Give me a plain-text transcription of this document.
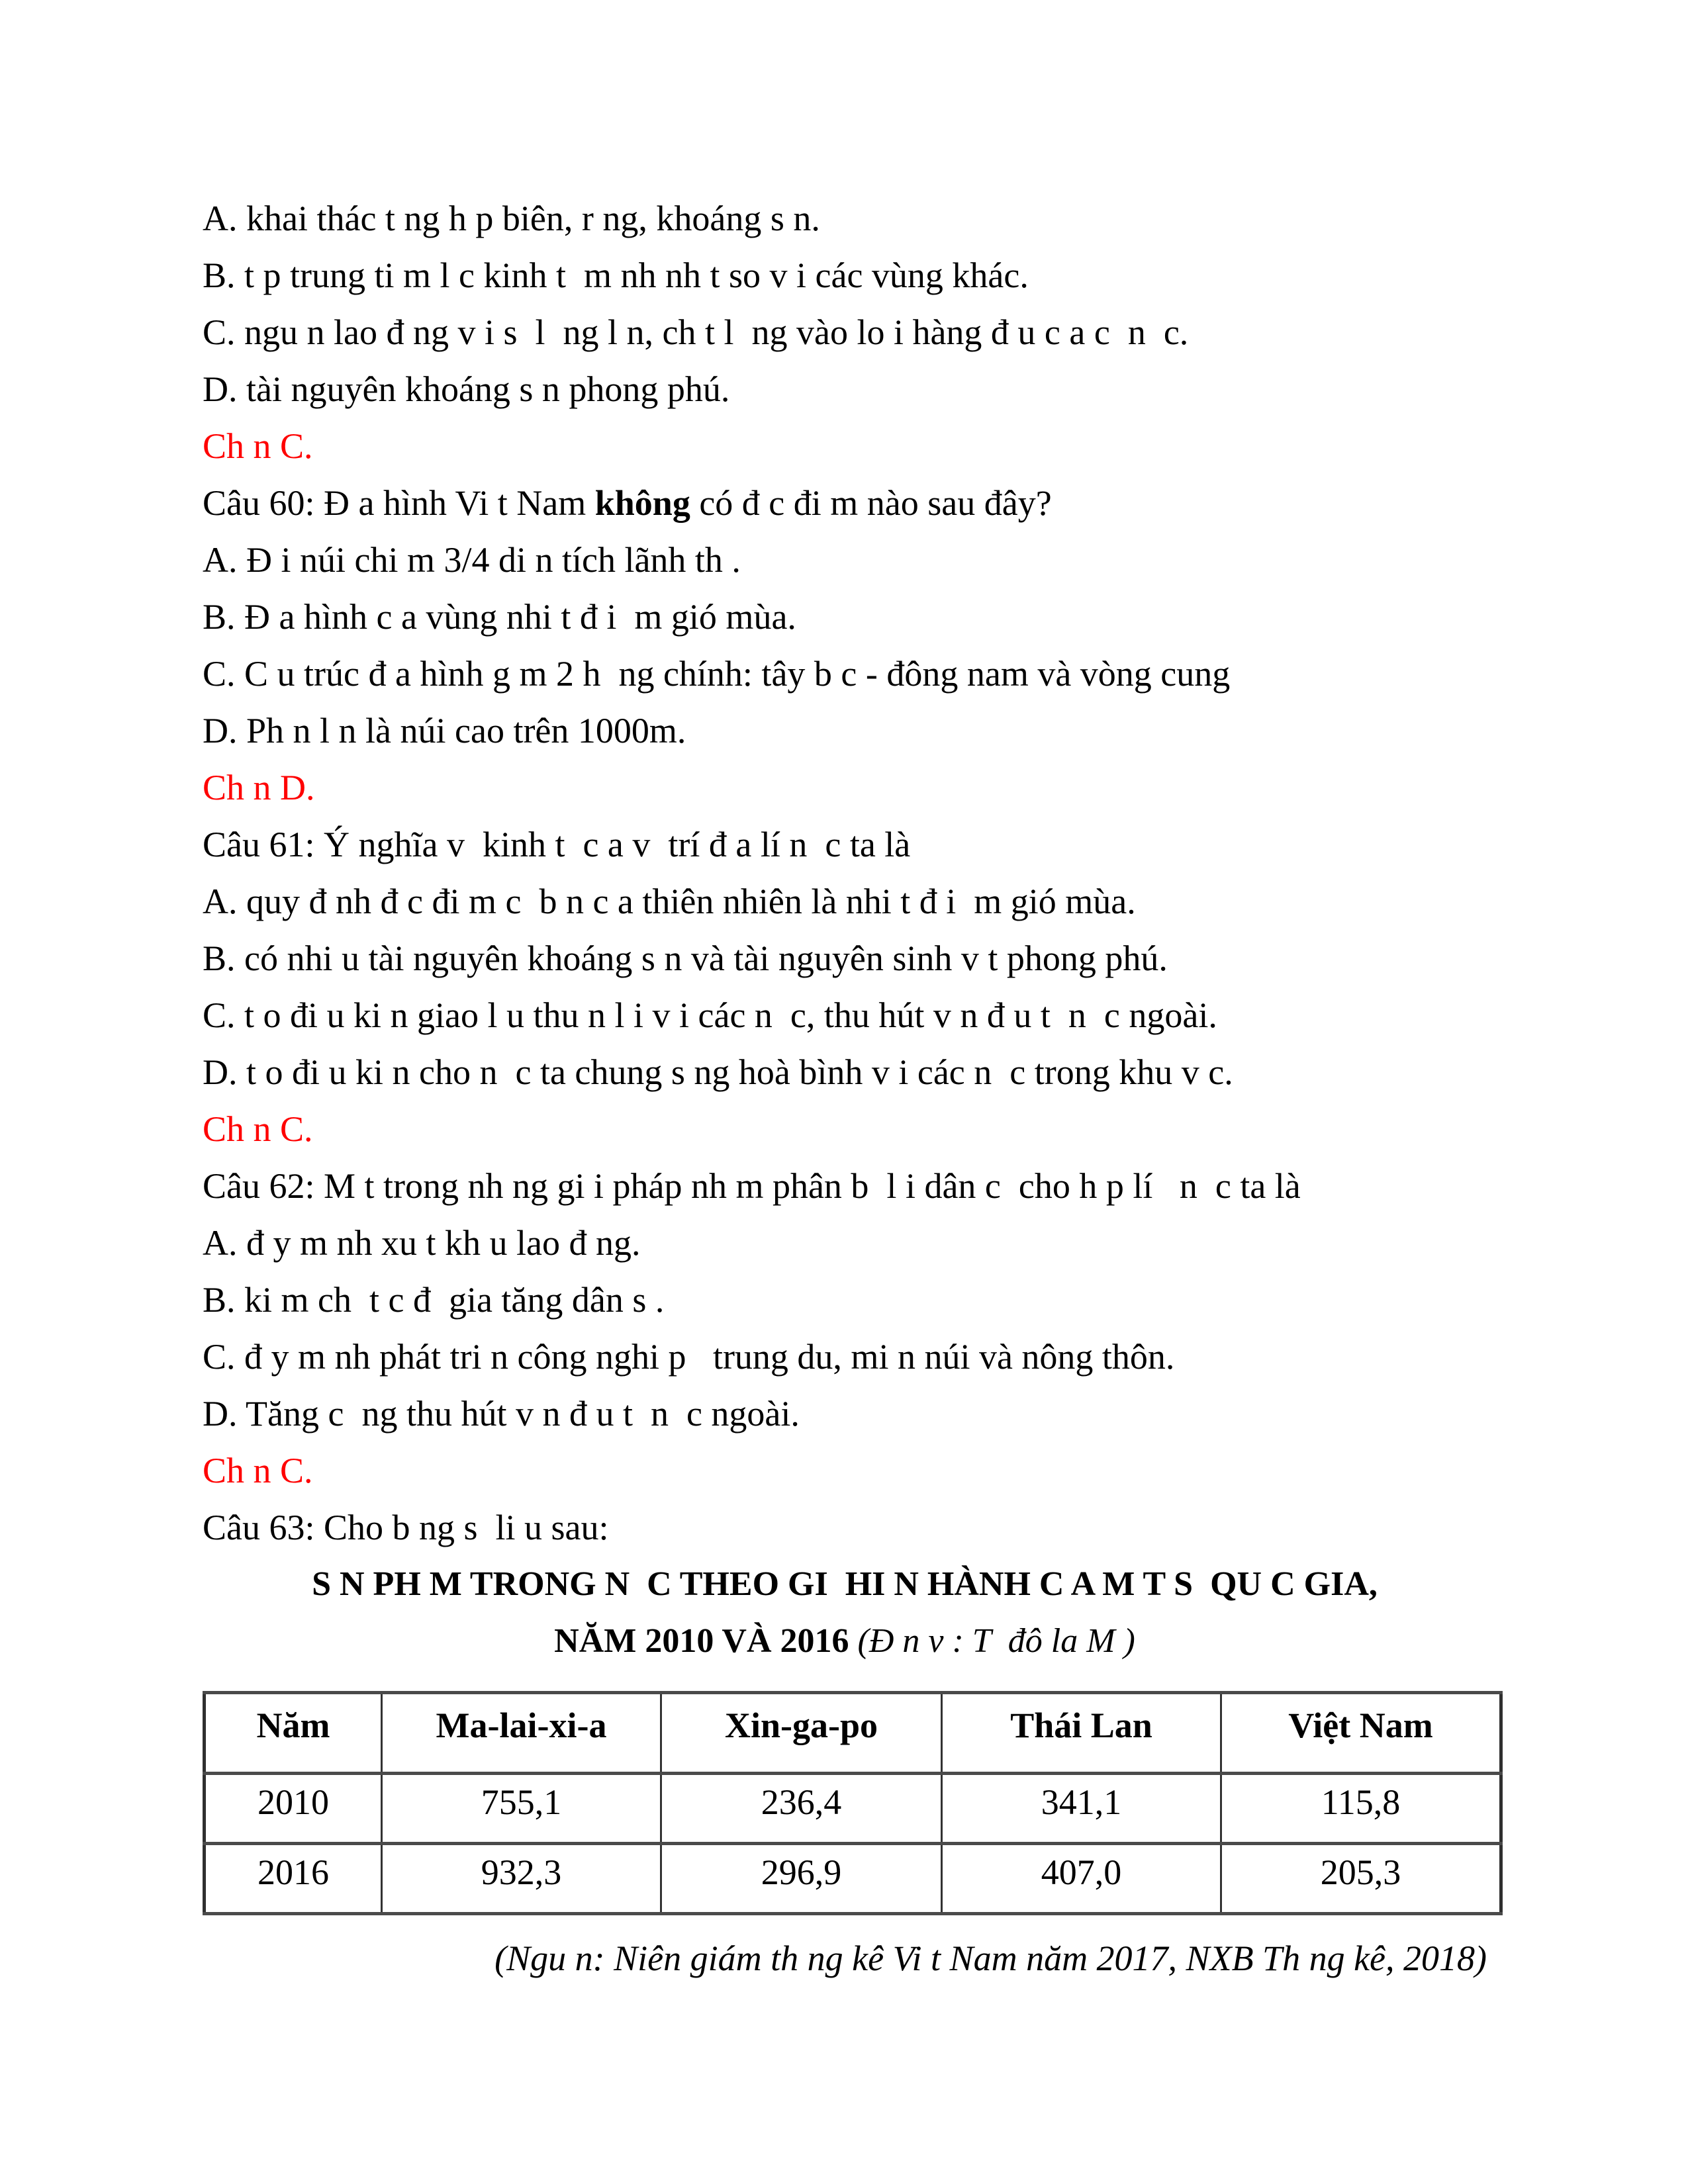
A. khai thác t ng h p biên, r ng, khoáng s n.

B. t p trung ti m l c kinh t  m nh nh t so v i các vùng khác.

C. ngu n lao đ ng v i s  l  ng l n, ch t l  ng vào lo i hàng đ u c a c  n  c.

D. tài nguyên khoáng s n phong phú.

Ch n C.

Câu 60: Đ a hình Vi t Nam không có đ c đi m nào sau đây?

A. Đ i núi chi m 3/4 di n tích lãnh th .

B. Đ a hình c a vùng nhi t đ i  m gió mùa.

C. C u trúc đ a hình g m 2 h  ng chính: tây b c - đông nam và vòng cung

D. Ph n l n là núi cao trên 1000m.

Ch n D.

Câu 61: Ý nghĩa v  kinh t  c a v  trí đ a lí n  c ta là

A. quy đ nh đ c đi m c  b n c a thiên nhiên là nhi t đ i  m gió mùa.

B. có nhi u tài nguyên khoáng s n và tài nguyên sinh v t phong phú.

C. t o đi u ki n giao l u thu n l i v i các n  c, thu hút v n đ u t  n  c ngoài.

D. t o đi u ki n cho n  c ta chung s ng hoà bình v i các n  c trong khu v c.

Ch n C.

Câu 62: M t trong nh ng gi i pháp nh m phân b  l i dân c  cho h p lí   n  c ta là

A. đ y m nh xu t kh u lao đ ng.

B. ki m ch  t c đ  gia tăng dân s .

C. đ y m nh phát tri n công nghi p   trung du, mi n núi và nông thôn.

D. Tăng c  ng thu hút v n đ u t  n  c ngoài.

Ch n C.

Câu 63: Cho b ng s  li u sau:

S N PH M TRONG N  C THEO GI  HI N HÀNH C A M T S  QU C GIA,

NĂM 2010 VÀ 2016 (Đ n v : T  đô la M )

Năm	Ma-lai-xi-a	Xin-ga-po	Thái Lan	Việt Nam
2010	755,1	236,4	341,1	115,8
2016	932,3	296,9	407,0	205,3

(Ngu n: Niên giám th ng kê Vi t Nam năm 2017, NXB Th ng kê, 2018)
